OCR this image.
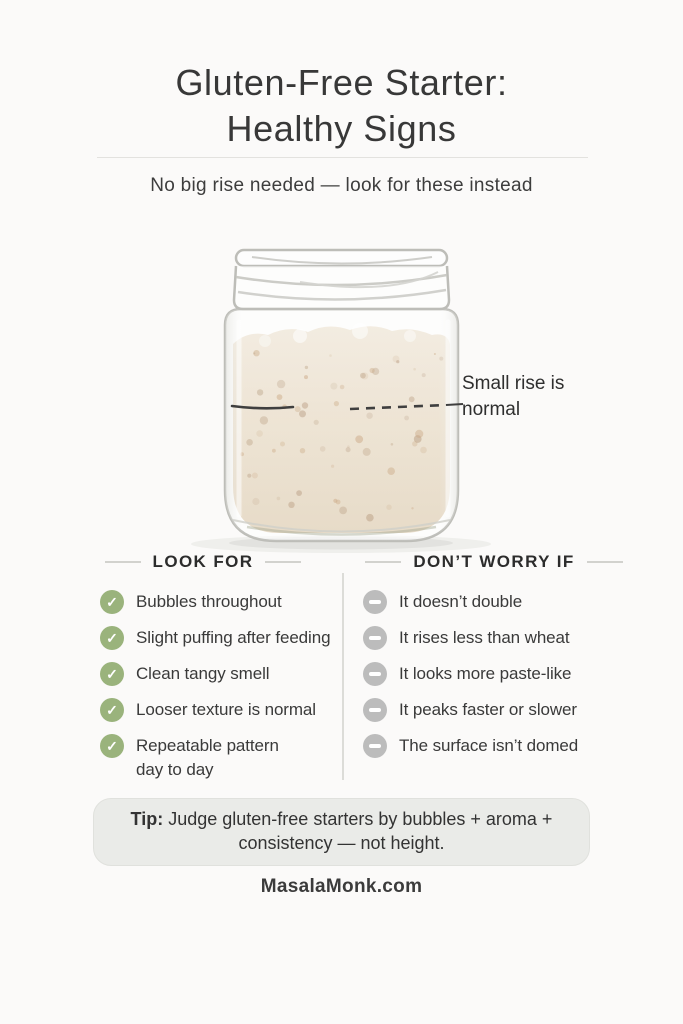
Gluten-Free Starter:
Healthy Signs

No big rise needed — look for these instead

Small rise is normal
LOOK FOR	DON’T WORRY IF
✓
Bubbles throughout
✓
Slight puffing after feeding
✓
Clean tangy smell
✓
Looser texture is normal
✓
Repeatable pattern day to day
It doesn’t double
It rises less than wheat
It looks more paste-like
It peaks faster or slower
The surface isn’t domed
Tip: Judge gluten-free starters by bubbles + aroma + consistency — not height.
MasalaMonk.com
